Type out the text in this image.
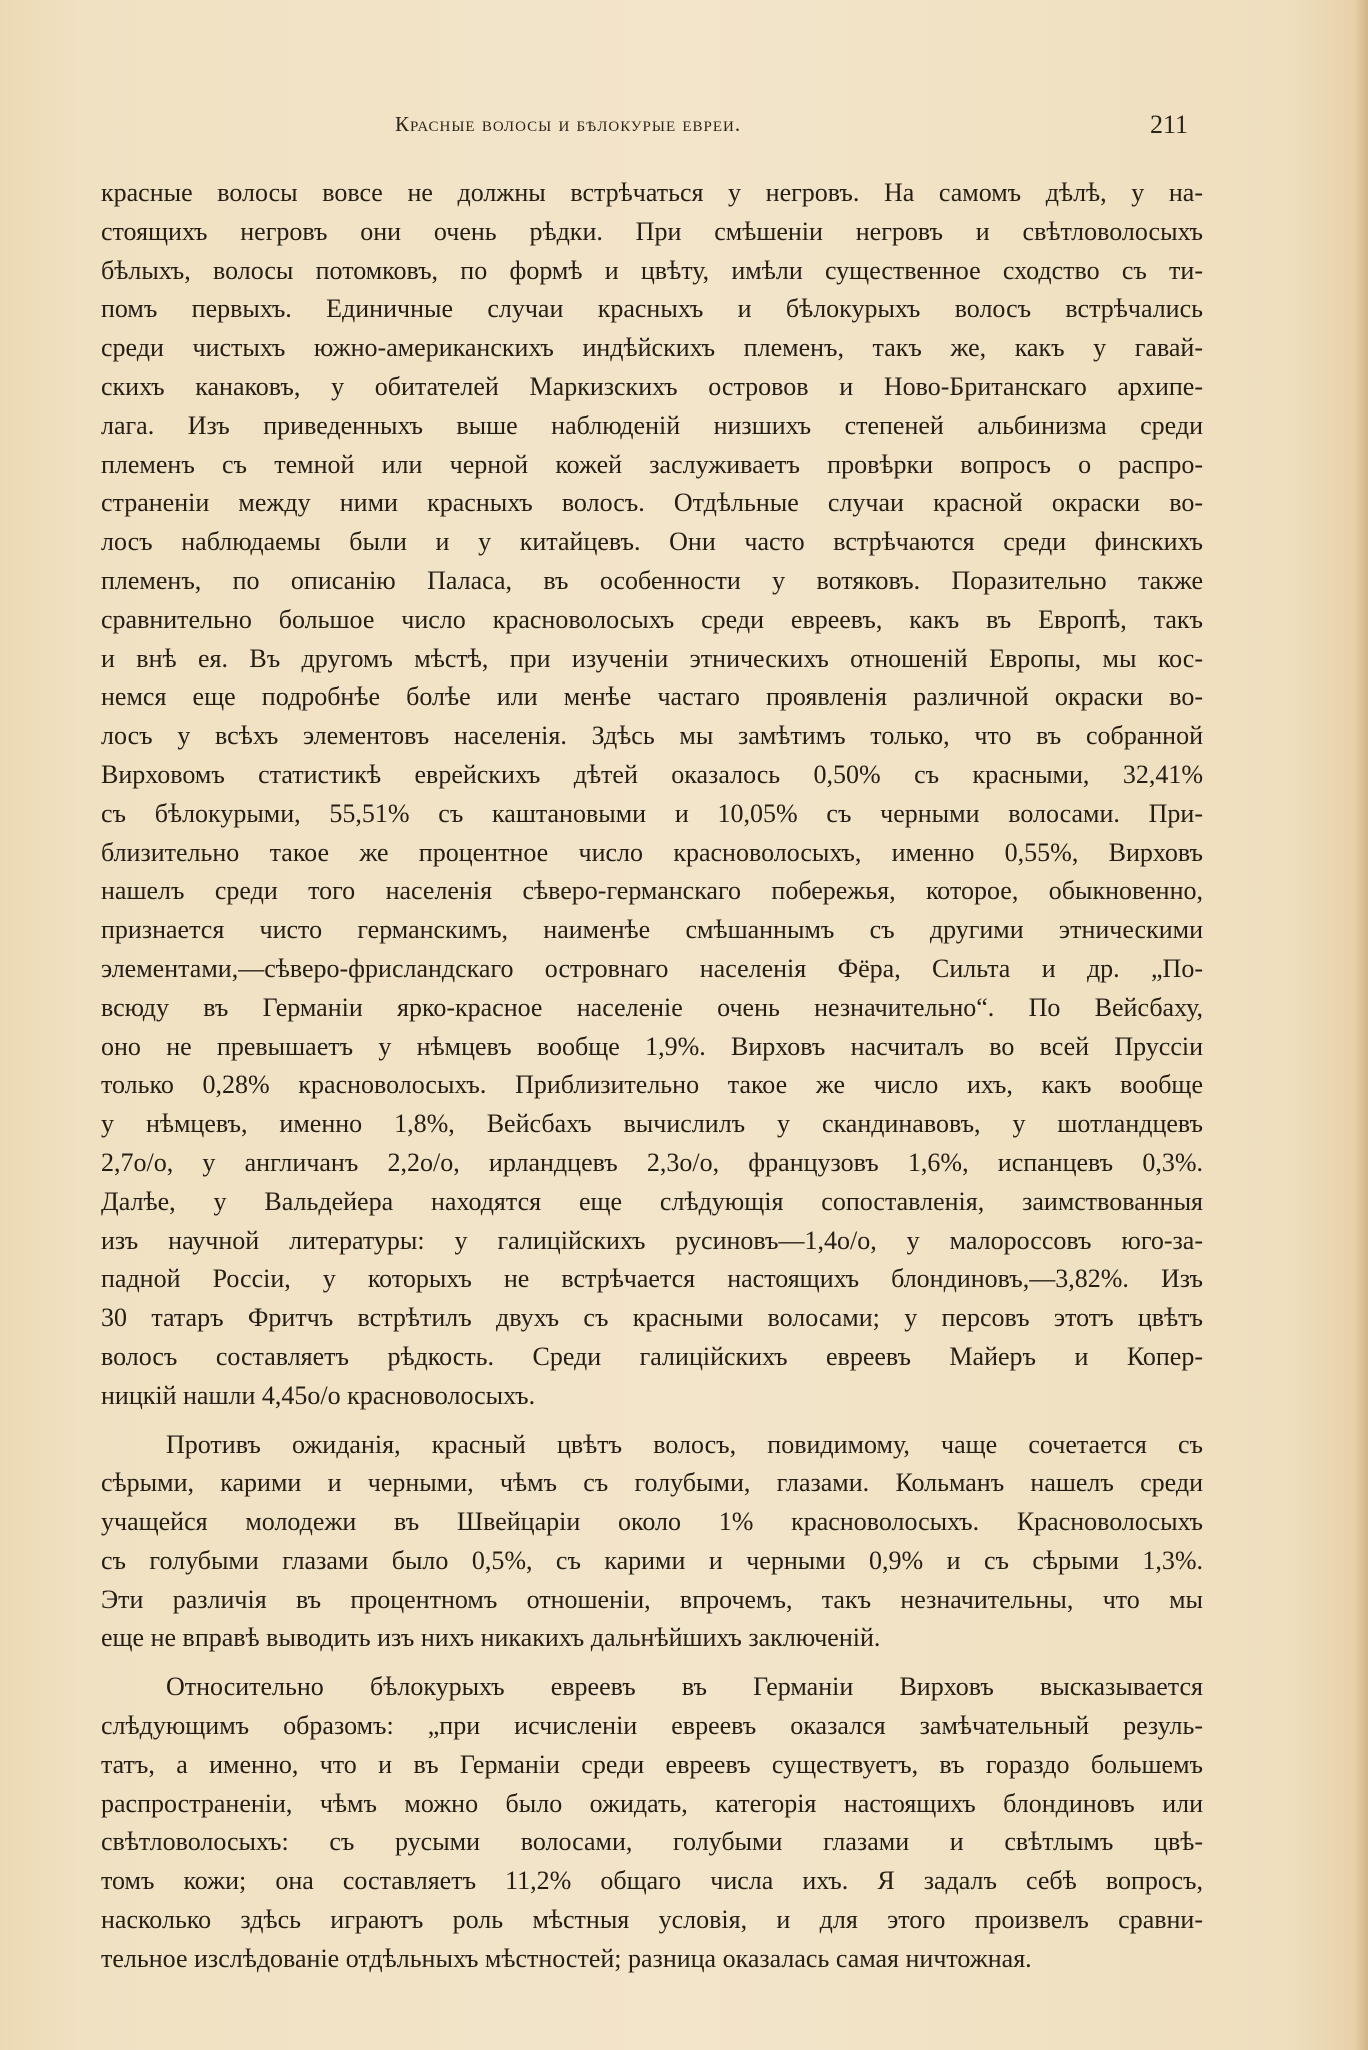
Красные волосы и бѣлокурые евреи.	211
красные волосы вовсе не должны встрѣчаться у негровъ. На самомъ дѣлѣ, у на-
стоящихъ негровъ они очень рѣдки. При смѣшеніи негровъ и свѣтловолосыхъ
бѣлыхъ, волосы потомковъ, по формѣ и цвѣту, имѣли существенное сходство съ ти-
помъ первыхъ. Единичные случаи красныхъ и бѣлокурыхъ волосъ встрѣчались
среди чистыхъ южно-американскихъ индѣйскихъ племенъ, такъ же, какъ у гавай-
скихъ канаковъ, у обитателей Маркизскихъ островов и Ново-Британскаго архипе-
лага. Изъ приведенныхъ выше наблюденій низшихъ степеней альбинизма среди
племенъ съ темной или черной кожей заслуживаетъ провѣрки вопросъ о распро-
страненіи между ними красныхъ волосъ. Отдѣльные случаи красной окраски во-
лосъ наблюдаемы были и у китайцевъ. Они часто встрѣчаются среди финскихъ
племенъ, по описанію Паласа, въ особенности у вотяковъ. Поразительно также
сравнительно большое число красноволосыхъ среди евреевъ, какъ въ Европѣ, такъ
и внѣ ея. Въ другомъ мѣстѣ, при изученіи этническихъ отношеній Европы, мы кос-
немся еще подробнѣе болѣе или менѣе частаго проявленія различной окраски во-
лосъ у всѣхъ элементовъ населенія. Здѣсь мы замѣтимъ только, что въ собранной
Вирховомъ статистикѣ еврейскихъ дѣтей оказалось 0,50% съ красными, 32,41%
съ бѣлокурыми, 55,51% съ каштановыми и 10,05% съ черными волосами. При-
близительно такое же процентное число красноволосыхъ, именно 0,55%, Вирховъ
нашелъ среди того населенія сѣверо-германскаго побережья, которое, обыкновенно,
признается чисто германскимъ, наименѣе смѣшаннымъ съ другими этническими
элементами,—сѣверо-фрисландскаго островнаго населенія Фёра, Сильта и др. „По-
всюду въ Германіи ярко-красное населеніе очень незначительно“. По Вейсбаху,
оно не превышаетъ у нѣмцевъ вообще 1,9%. Вирховъ насчиталъ во всей Пруссіи
только 0,28% красноволосыхъ. Приблизительно такое же число ихъ, какъ вообще
у нѣмцевъ, именно 1,8%, Вейсбахъ вычислилъ у скандинавовъ, у шотландцевъ
2,7о/о, у англичанъ 2,2о/о, ирландцевъ 2,3о/о, французовъ 1,6%, испанцевъ 0,3%.
Далѣе, у Вальдейера находятся еще слѣдующія сопоставленія, заимствованныя
изъ научной литературы: у галицiйскихъ русиновъ—1,4о/о, у малороссовъ юго-за-
падной Россіи, у которыхъ не встрѣчается настоящихъ блондиновъ,—3,82%. Изъ
30 татаръ Фритчъ встрѣтилъ двухъ съ красными волосами; у персовъ этотъ цвѣтъ
волосъ составляетъ рѣдкость. Среди галицiйскихъ евреевъ Майеръ и Копер-
ницкiй нашли 4,45о/о красноволосыхъ.
Противъ ожиданія, красный цвѣтъ волосъ, повидимому, чаще сочетается съ
сѣрыми, карими и черными, чѣмъ съ голубыми, глазами. Кольманъ нашелъ среди
учащейся молодежи въ Швейцаріи около 1% красноволосыхъ. Красноволосыхъ
съ голубыми глазами было 0,5%, съ карими и черными 0,9% и съ сѣрыми 1,3%.
Эти различія въ процентномъ отношеніи, впрочемъ, такъ незначительны, что мы
еще не вправѣ выводить изъ нихъ никакихъ дальнѣйшихъ заключеній.
Относительно бѣлокурыхъ евреевъ въ Германіи Вирховъ высказывается
слѣдующимъ образомъ: „при исчисленіи евреевъ оказался замѣчательный резуль-
татъ, а именно, что и въ Германіи среди евреевъ существуетъ, въ гораздо большемъ
распространеніи, чѣмъ можно было ожидать, категорія настоящихъ блондиновъ или
свѣтловолосыхъ: съ русыми волосами, голубыми глазами и свѣтлымъ цвѣ-
томъ кожи; она составляетъ 11,2% общаго числа ихъ. Я задалъ себѣ вопросъ,
насколько здѣсь играютъ роль мѣстныя условія, и для этого произвелъ сравни-
тельное изслѣдованіе отдѣльныхъ мѣстностей; разница оказалась самая ничтожная.
